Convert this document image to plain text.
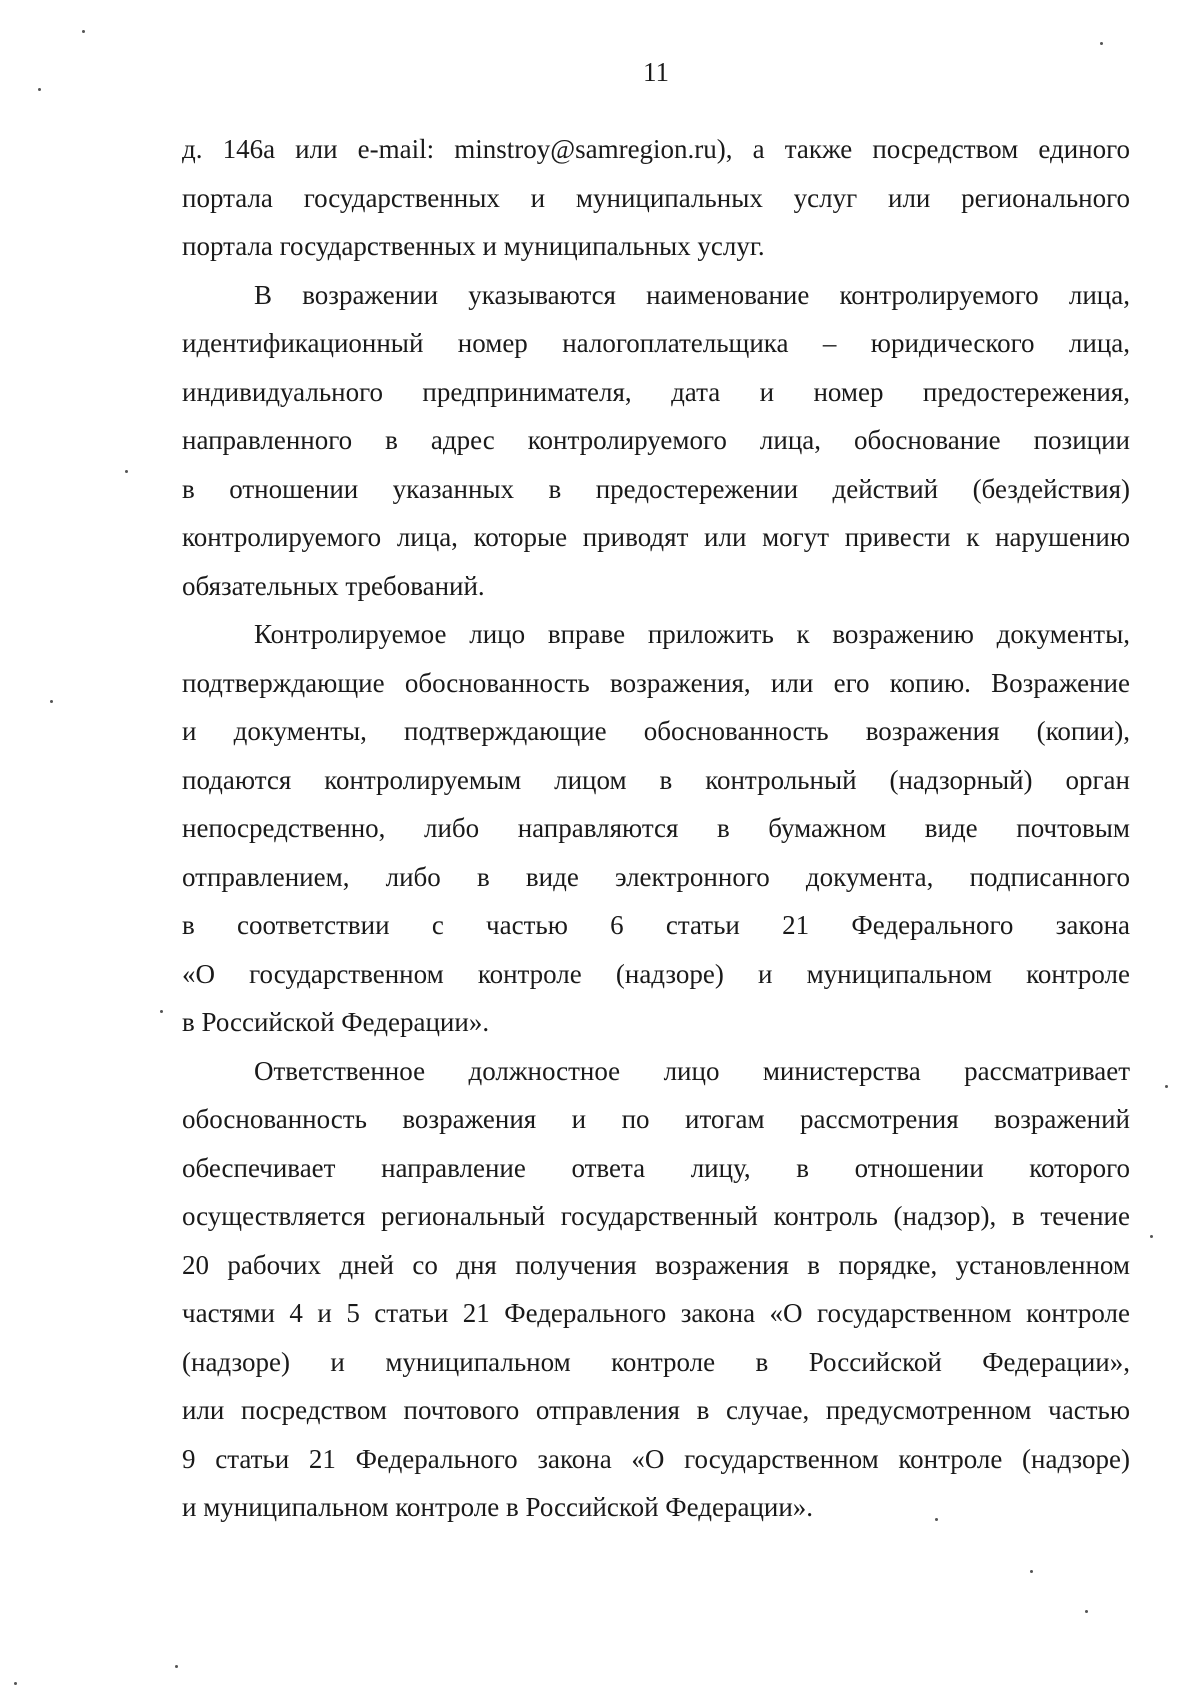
11
д. 146а или e-mail: minstroy@samregion.ru), а также посредством единого
портала государственных и муниципальных услуг или регионального
портала государственных и муниципальных услуг.
В возражении указываются наименование контролируемого лица,
идентификационный номер налогоплательщика – юридического лица,
индивидуального предпринимателя, дата и номер предостережения,
направленного в адрес контролируемого лица, обоснование позиции
в отношении указанных в предостережении действий (бездействия)
контролируемого лица, которые приводят или могут привести к нарушению
обязательных требований.
Контролируемое лицо вправе приложить к возражению документы,
подтверждающие обоснованность возражения, или его копию. Возражение
и документы, подтверждающие обоснованность возражения (копии),
подаются контролируемым лицом в контрольный (надзорный) орган
непосредственно, либо направляются в бумажном виде почтовым
отправлением, либо в виде электронного документа, подписанного
в соответствии с частью 6 статьи 21 Федерального закона
«О государственном контроле (надзоре) и муниципальном контроле
в Российской Федерации».
Ответственное должностное лицо министерства рассматривает
обоснованность возражения и по итогам рассмотрения возражений
обеспечивает направление ответа лицу, в отношении которого
осуществляется региональный государственный контроль (надзор), в течение
20 рабочих дней со дня получения возражения в порядке, установленном
частями 4 и 5 статьи 21 Федерального закона «О государственном контроле
(надзоре) и муниципальном контроле в Российской Федерации»,
или посредством почтового отправления в случае, предусмотренном частью
9 статьи 21 Федерального закона «О государственном контроле (надзоре)
и муниципальном контроле в Российской Федерации».
